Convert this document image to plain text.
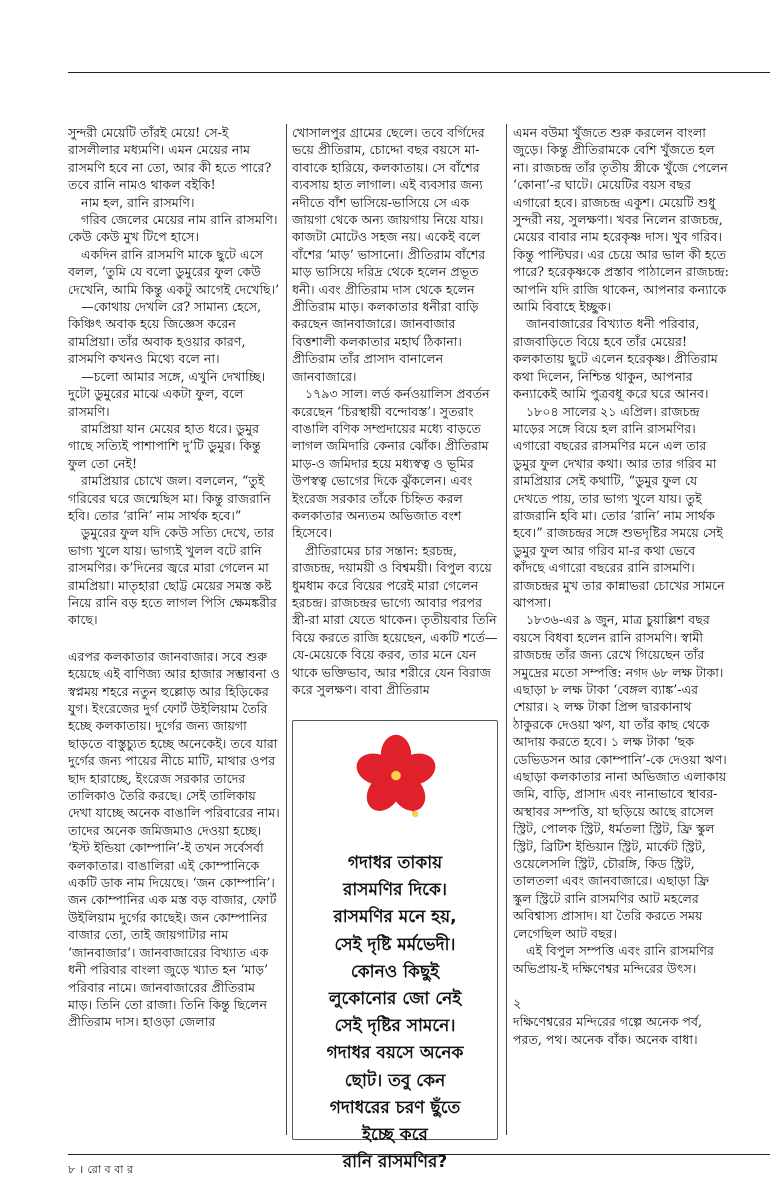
সুন্দরী মেয়েটি তাঁরই মেয়ে! সে-ই রাসলীলার মধ্যমণি। এমন মেয়ের নাম রাসমণি হবে না তো, আর কী হতে পারে? তবে রানি নামও থাকল বইকি!

নাম হল, রানি রাসমণি।

গরিব জেলের মেয়ের নাম রানি রাসমণি। কেউ কেউ মুখ টিপে হাসে।

একদিন রানি রাসমণি মাকে ছুটে এসে বলল, ‘তুমি যে বলো ডুমুরের ফুল কেউ দেখেনি, আমি কিন্তু একটু আগেই দেখেছি।’

—কোথায় দেখলি রে? সামান্য হেসে, কিঞ্চিৎ অবাক হয়ে জিজ্ঞেস করেন রামপ্রিয়া। তাঁর অবাক হওয়ার কারণ, রাসমণি কখনও মিথ্যে বলে না।

—চলো আমার সঙ্গে, এখুনি দেখাচ্ছি। দুটো ডুমুরের মাঝে একটা ফুল, বলে রাসমণি।

রামপ্রিয়া যান মেয়ের হাত ধরে। ডুমুর গাছে সত্যিই পাশাপাশি দু’টি ডুমুর। কিন্তু ফুল তো নেই!

রামপ্রিয়ার চোখে জল। বললেন, “তুই গরিবের ঘরে জন্মেছিস মা। কিন্তু রাজরানি হবি। তোর ‘রানি’ নাম সার্থক হবে।”

ডুমুরের ফুল যদি কেউ সত্যি দেখে, তার ভাগ্য খুলে যায়। ভাগ্যই খুলল বটে রানি রাসমণির। ক’দিনের জ্বরে মারা গেলেন মা রামপ্রিয়া। মাতৃহারা ছোট্ট মেয়ের সমস্ত কষ্ট নিয়ে রানি বড় হতে লাগল পিসি ক্ষেমঙ্করীর কাছে।

এরপর কলকাতার জানবাজার। সবে শুরু হয়েছে এই বাণিজ্য আর হাজার সম্ভাবনা ও স্বপ্নময় শহরে নতুন হুল্লোড় আর হিড়িকের যুগ। ইংরেজের দুর্গ ফোর্ট উইলিয়াম তৈরি হচ্ছে কলকাতায়। দুর্গের জন্য জায়গা ছাড়তে বাস্তুচ্যুত হচ্ছে অনেকেই। তবে যারা দুর্গের জন্য পায়ের নীচে মাটি, মাথার ওপর ছাদ হারাচ্ছে, ইংরেজ সরকার তাদের তালিকাও তৈরি করছে। সেই তালিকায় দেখা যাচ্ছে অনেক বাঙালি পরিবারের নাম। তাদের অনেক জমিজমাও দেওয়া হচ্ছে। ‘ইস্ট ইন্ডিয়া কোম্পানি’-ই তখন সর্বেসর্বা কলকাতার। বাঙালিরা এই কোম্পানিকে একটি ডাক নাম দিয়েছে। ‘জন কোম্পানি’। জন কোম্পানির এক মস্ত বড় বাজার, ফোর্ট উইলিয়াম দুর্গের কাছেই। জন কোম্পানির বাজার তো, তাই জায়গাটার নাম ‘জানবাজার’। জানবাজারের বিখ্যাত এক ধনী পরিবার বাংলা জুড়ে খ্যাত হন ‘মাড়’ পরিবার নামে। জানবাজারের প্রীতিরাম মাড়। তিনি তো রাজা। তিনি কিন্তু ছিলেন প্রীতিরাম দাস। হাওড়া জেলার

খোসালপুর গ্রামের ছেলে। তবে বর্গিদের ভয়ে প্রীতিরাম, চোদ্দো বছর বয়সে মা-বাবাকে হারিয়ে, কলকাতায়। সে বাঁশের ব্যবসায় হাত লাগাল। এই ব্যবসার জন্য নদীতে বাঁশ ভাসিয়ে-ভাসিয়ে সে এক জায়গা থেকে অন্য জায়গায় নিয়ে যায়। কাজটা মোটেও সহজ নয়। একেই বলে বাঁশের ‘মাড়’ ভাসানো। প্রীতিরাম বাঁশের মাড় ভাসিয়ে দরিদ্র থেকে হলেন প্রভূত ধনী। এবং প্রীতিরাম দাস থেকে হলেন প্রীতিরাম মাড়। কলকাতার ধনীরা বাড়ি করছেন জানবাজারে। জানবাজার বিত্তশালী কলকাতার মহার্ঘ ঠিকানা। প্রীতিরাম তাঁর প্রাসাদ বানালেন জানবাজারে।

১৭৯৩ সাল। লর্ড কর্নওয়ালিস প্রবর্তন করেছেন ‘চিরস্থায়ী বন্দোবস্ত’। সুতরাং বাঙালি বণিক সম্প্রদায়ের মধ্যে বাড়তে লাগল জমিদারি কেনার ঝোঁক। প্রীতিরাম মাড়-ও জমিদার হয়ে মধ্যস্বত্ব ও ভূমির উপস্বত্ব ভোগের দিকে ঝুঁকলেন। এবং ইংরেজ সরকার তাঁকে চিহ্নিত করল কলকাতার অন্যতম অভিজাত বংশ হিসেবে।

প্রীতিরামের চার সন্তান: হরচন্দ্র, রাজচন্দ্র, দয়াময়ী ও বিশ্বময়ী। বিপুল ব্যয়ে ধুমধাম করে বিয়ের পরেই মারা গেলেন হরচন্দ্র। রাজচন্দ্রর ভাগ্যে আবার পরপর স্ত্রী-রা মারা যেতে থাকেন। তৃতীয়বার তিনি বিয়ে করতে রাজি হয়েছেন, একটি শর্তে— যে-মেয়েকে বিয়ে করব, তার মনে যেন থাকে ভক্তিভাব, আর শরীরে যেন বিরাজ করে সুলক্ষণ। বাবা প্রীতিরাম

গদাধর তাকায়
রাসমণির দিকে।
রাসমণির মনে হয়,
সেই দৃষ্টি মর্মভেদী।
কোনও কিছুই
লুকোনোর জো নেই
সেই দৃষ্টির সামনে।
গদাধর বয়সে অনেক
ছোট। তবু কেন
গদাধরের চরণ ছুঁতে
ইচ্ছে করে
রানি রাসমণির?

এমন বউমা খুঁজতে শুরু করলেন বাংলা জুড়ে। কিন্তু প্রীতিরামকে বেশি খুঁজতে হল না। রাজচন্দ্র তাঁর তৃতীয় স্ত্রীকে খুঁজে পেলেন ‘কোনা’-র ঘাটে। মেয়েটির বয়স বছর এগারো হবে। রাজচন্দ্র একুশ। মেয়েটি শুধু সুন্দরী নয়, সুলক্ষণা। খবর নিলেন রাজচন্দ্র, মেয়ের বাবার নাম হরেকৃষ্ণ দাস। খুব গরিব। কিন্তু পাল্টিঘর। এর চেয়ে আর ভাল কী হতে পারে? হরেকৃষ্ণকে প্রস্তাব পাঠালেন রাজচন্দ্র: আপনি যদি রাজি থাকেন, আপনার কন্যাকে আমি বিবাহে ইচ্ছুক।

জানবাজারের বিখ্যাত ধনী পরিবার, রাজবাড়িতে বিয়ে হবে তাঁর মেয়ের! কলকাতায় ছুটে এলেন হরেকৃষ্ণ। প্রীতিরাম কথা দিলেন, নিশ্চিন্ত থাকুন, আপনার কন্যাকেই আমি পুত্রবধূ করে ঘরে আনব।

১৮০৪ সালের ২১ এপ্রিল। রাজচন্দ্র মাড়ের সঙ্গে বিয়ে হল রানি রাসমণির। এগারো বছরের রাসমণির মনে এল তার ডুমুর ফুল দেখার কথা। আর তার গরিব মা রামপ্রিয়ার সেই কথাটি, “ডুমুর ফুল যে দেখতে পায়, তার ভাগ্য খুলে যায়। তুই রাজরানি হবি মা। তোর ‘রানি’ নাম সার্থক হবে।” রাজচন্দ্রর সঙ্গে শুভদৃষ্টির সময়ে সেই ডুমুর ফুল আর গরিব মা-র কথা ভেবে কাঁদছে এগারো বছরের রানি রাসমণি। রাজচন্দ্রর মুখ তার কান্নাভরা চোখের সামনে ঝাপসা।

১৮৩৬-এর ৯ জুন, মাত্র চুয়াল্লিশ বছর বয়সে বিধবা হলেন রানি রাসমণি। স্বামী রাজচন্দ্র তাঁর জন্য রেখে গিয়েছেন তাঁর সমুদ্রের মতো সম্পত্তি: নগদ ৬৮ লক্ষ টাকা। এছাড়া ৮ লক্ষ টাকা ‘বেঙ্গল ব্যাঙ্ক’-এর শেয়ার। ২ লক্ষ টাকা প্রিন্স দ্বারকানাথ ঠাকুরকে দেওয়া ঋণ, যা তাঁর কাছ থেকে আদায় করতে হবে। ১ লক্ষ টাকা ‘ছক ডেভিডসন আর কোম্পানি’-কে দেওয়া ঋণ। এছাড়া কলকাতার নানা অভিজাত এলাকায় জমি, বাড়ি, প্রাসাদ এবং নানাভাবে স্থাবর-অস্থাবর সম্পত্তি, যা ছড়িয়ে আছে রাসেল স্ট্রিট, পোলক স্ট্রিট, ধর্মতলা স্ট্রিট, ফ্রি স্কুল স্ট্রিট, ব্রিটিশ ইন্ডিয়ান স্ট্রিট, মার্কেট স্ট্রিট, ওয়েলেসলি স্ট্রিট, চৌরঙ্গি, কিড স্ট্রিট, তালতলা এবং জানবাজারে। এছাড়া ফ্রি স্কুল স্ট্রিটে রানি রাসমণির আট মহলের অবিশ্বাস্য প্রাসাদ। যা তৈরি করতে সময় লেগেছিল আট বছর।

এই বিপুল সম্পত্তি এবং রানি রাসমণির অভিপ্রায়-ই দক্ষিণেশ্বর মন্দিরের উৎস।

২

দক্ষিণেশ্বরের মন্দিরের গল্পে অনেক পর্ব, পরত, পথ। অনেক বাঁক। অনেক বাধা।

৮ । রো ব বা র
